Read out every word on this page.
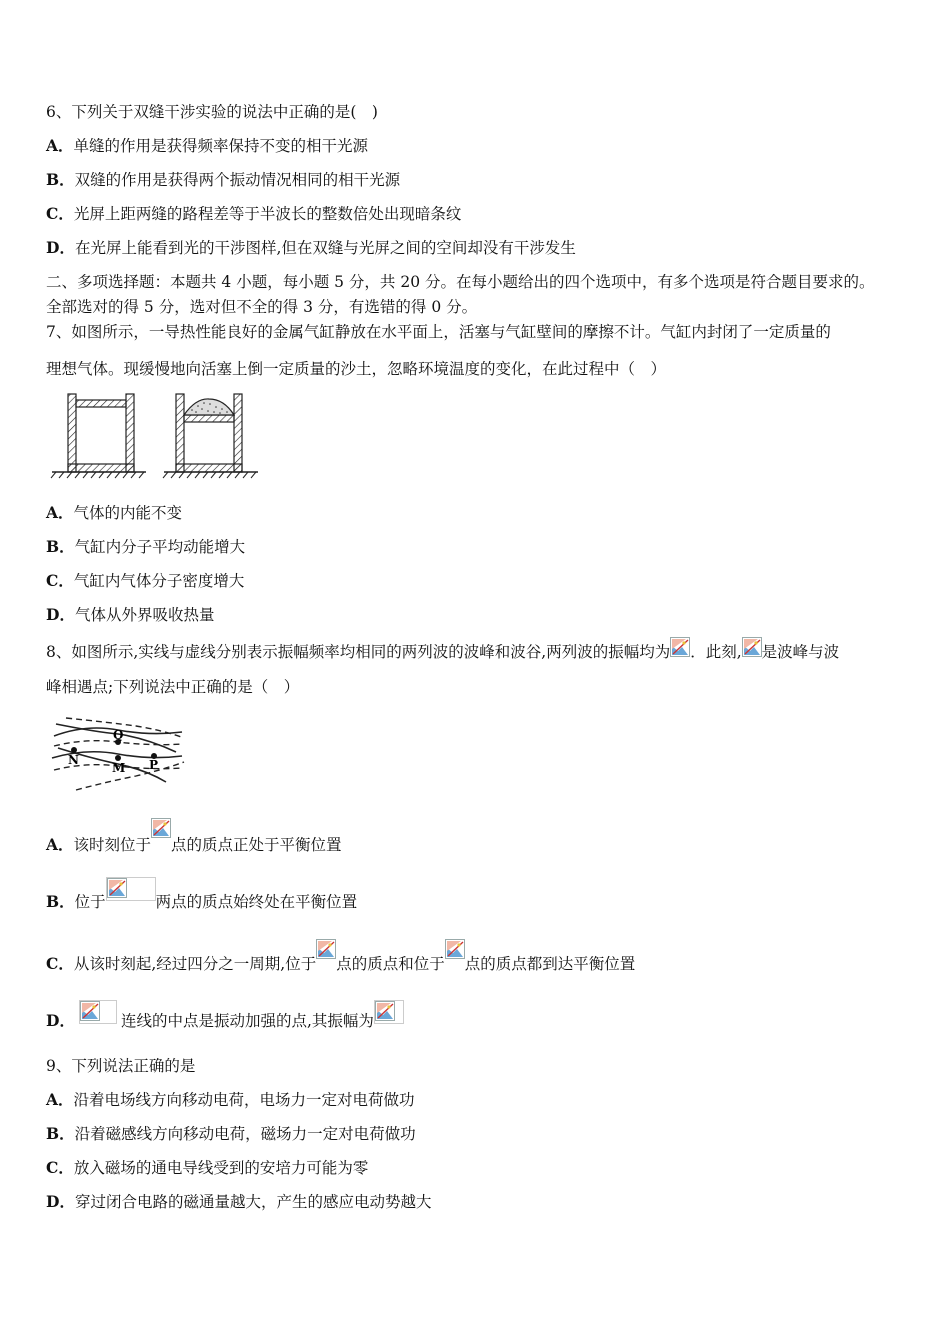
6、下列关于双缝干涉实验的说法中正确的是(　)
A．单缝的作用是获得频率保持不变的相干光源
B．双缝的作用是获得两个振动情况相同的相干光源
C．光屏上距两缝的路程差等于半波长的整数倍处出现暗条纹
D．在光屏上能看到光的干涉图样,但在双缝与光屏之间的空间却没有干涉发生
二、多项选择题：本题共 4 小题，每小题 5 分，共 20 分。在每小题给出的四个选项中，有多个选项是符合题目要求的。
全部选对的得 5 分，选对但不全的得 3 分，有选错的得 0 分。
7、如图所示，一导热性能良好的金属气缸静放在水平面上，活塞与气缸壁间的摩擦不计。气缸内封闭了一定质量的
理想气体。现缓慢地向活塞上倒一定质量的沙土，忽略环境温度的变化，在此过程中（　）
A．气体的内能不变
B．气缸内分子平均动能增大
C．气缸内气体分子密度增大
D．气体从外界吸收热量
8、如图所示,实线与虚线分别表示振幅频率均相同的两列波的波峰和波谷,两列波的振幅均为 ．此刻, 是波峰与波
峰相遇点;下列说法中正确的是（　）
Q
N
M P
A．该时刻位于 点的质点正处于平衡位置
B．位于	两点的质点始终处在平衡位置
C．从该时刻起,经过四分之一周期,位于 点的质点和位于 点的质点都到达平衡位置
D．	连线的中点是振动加强的点,其振幅为
9、下列说法正确的是
A．沿着电场线方向移动电荷，电场力一定对电荷做功
B．沿着磁感线方向移动电荷，磁场力一定对电荷做功
C．放入磁场的通电导线受到的安培力可能为零
D．穿过闭合电路的磁通量越大，产生的感应电动势越大
